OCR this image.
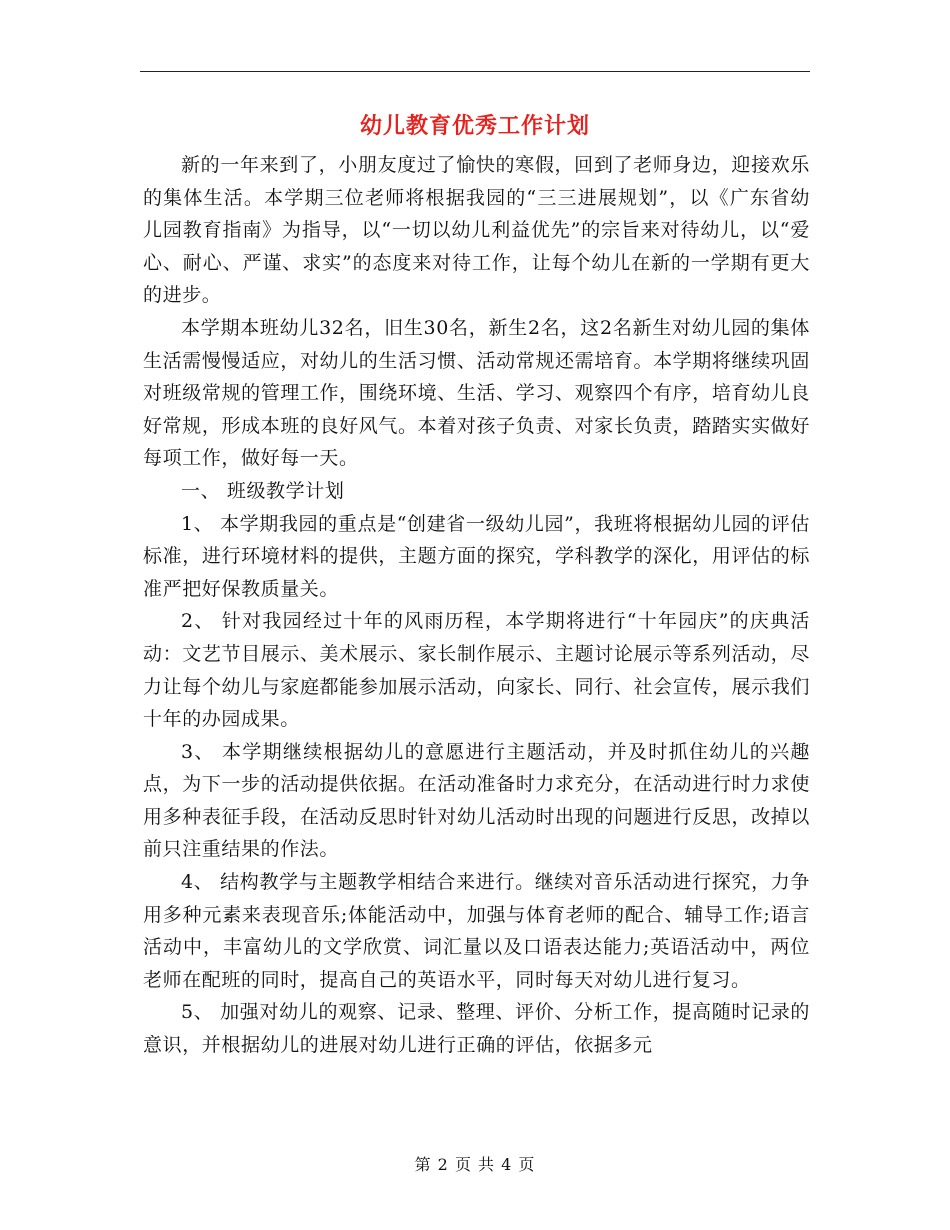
幼儿教育优秀工作计划

新的一年来到了，小朋友度过了愉快的寒假，回到了老师身边，迎接欢乐的集体生活。本学期三位老师将根据我园的“三三进展规划”，以《广东省幼儿园教育指南》为指导，以“一切以幼儿利益优先”的宗旨来对待幼儿，以“爱心、耐心、严谨、求实”的态度来对待工作，让每个幼儿在新的一学期有更大的进步。

本学期本班幼儿32名，旧生30名，新生2名，这2名新生对幼儿园的集体生活需慢慢适应，对幼儿的生活习惯、活动常规还需培育。本学期将继续巩固对班级常规的管理工作，围绕环境、生活、学习、观察四个有序，培育幼儿良好常规，形成本班的良好风气。本着对孩子负责、对家长负责，踏踏实实做好每项工作，做好每一天。

一、 班级教学计划

1、 本学期我园的重点是“创建省一级幼儿园”，我班将根据幼儿园的评估标准，进行环境材料的提供，主题方面的探究，学科教学的深化，用评估的标准严把好保教质量关。

2、 针对我园经过十年的风雨历程，本学期将进行“十年园庆”的庆典活动：文艺节目展示、美术展示、家长制作展示、主题讨论展示等系列活动，尽力让每个幼儿与家庭都能参加展示活动，向家长、同行、社会宣传，展示我们十年的办园成果。

3、 本学期继续根据幼儿的意愿进行主题活动，并及时抓住幼儿的兴趣点，为下一步的活动提供依据。在活动准备时力求充分，在活动进行时力求使用多种表征手段，在活动反思时针对幼儿活动时出现的问题进行反思，改掉以前只注重结果的作法。

4、 结构教学与主题教学相结合来进行。继续对音乐活动进行探究，力争用多种元素来表现音乐;体能活动中，加强与体育老师的配合、辅导工作;语言活动中，丰富幼儿的文学欣赏、词汇量以及口语表达能力;英语活动中，两位老师在配班的同时，提高自己的英语水平，同时每天对幼儿进行复习。

5、 加强对幼儿的观察、记录、整理、评价、分析工作，提高随时记录的意识，并根据幼儿的进展对幼儿进行正确的评估，依据多元

第 2 页 共 4 页
